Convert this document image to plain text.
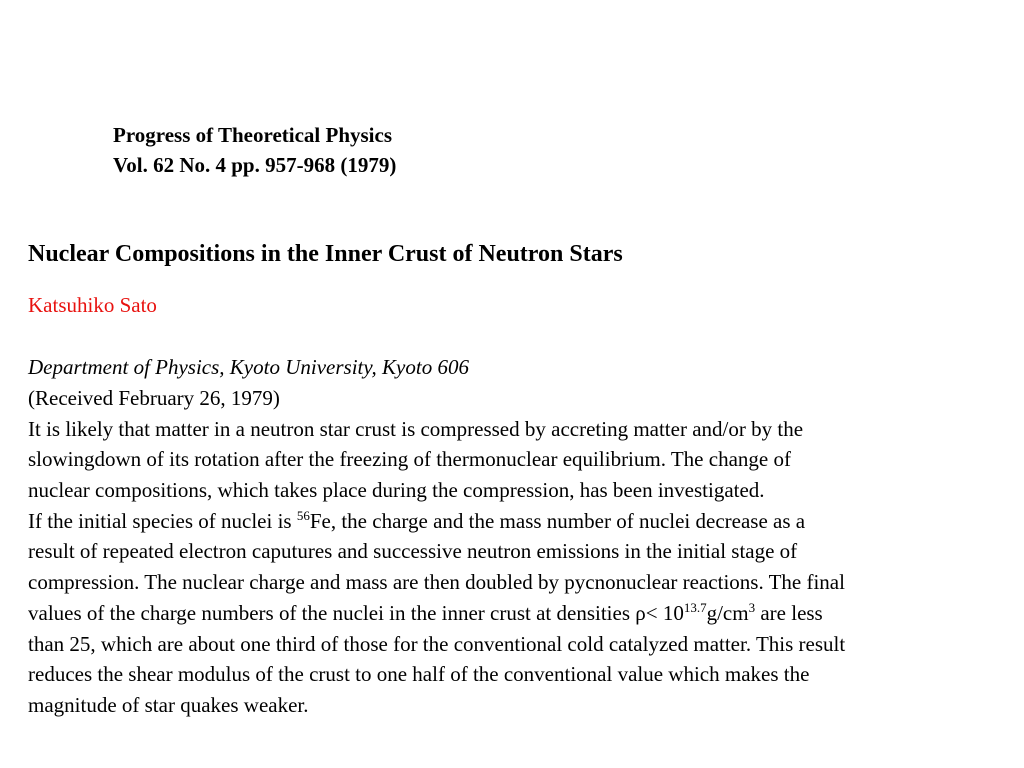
Progress of Theoretical Physics
Vol. 62 No. 4 pp. 957-968 (1979)
Nuclear Compositions in the Inner Crust of Neutron Stars
Katsuhiko Sato
Department of Physics, Kyoto University, Kyoto 606
(Received February 26, 1979)
It is likely that matter in a neutron star crust is compressed by accreting matter and/or by the
slowingdown of its rotation after the freezing of thermonuclear equilibrium. The change of
nuclear compositions, which takes place during the compression, has been investigated.
If the initial species of nuclei is $^{56}$Fe, the charge and the mass number of nuclei decrease as a
result of repeated electron caputures and successive neutron emissions in the initial stage of
compression. The nuclear charge and mass are then doubled by pycnonuclear reactions. The final
values of the charge numbers of the nuclei in the inner crust at densities $\rho< 10^{13.7}g/cm^3$ are less
than 25, which are about one third of those for the conventional cold catalyzed matter. This result
reduces the shear modulus of the crust to one half of the conventional value which makes the
magnitude of star quakes weaker.
